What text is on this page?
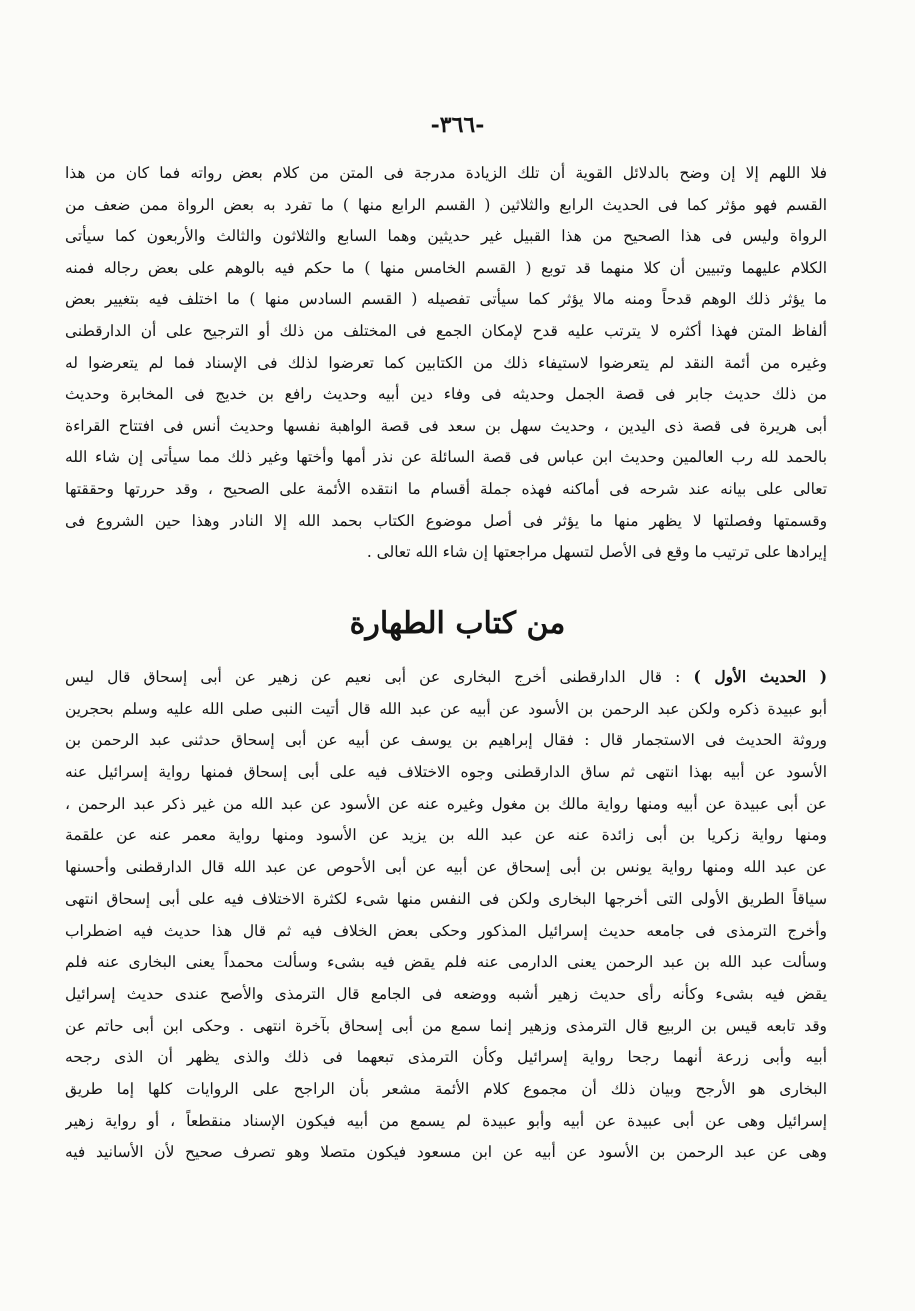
-٣٦٦-
فلا اللهم إلا إن وضح بالدلائل القوية أن تلك الزيادة مدرجة فى المتن من كلام بعض رواته فما كان من هذا
القسم فهو مؤثر كما فى الحديث الرابع والثلاثين ( القسم الرابع منها ) ما تفرد به بعض الرواة ممن ضعف من
الرواة وليس فى هذا الصحيح من هذا القبيل غير حديثين وهما السابع والثلاثون والثالث والأربعون كما سيأتى
الكلام عليهما وتبيين أن كلا منهما قد توبع ( القسم الخامس منها ) ما حكم فيه بالوهم على بعض رجاله فمنه
ما يؤثر ذلك الوهم قدحاً ومنه مالا يؤثر كما سيأتى تفصيله ( القسم السادس منها ) ما اختلف فيه بتغيير بعض
ألفاظ المتن فهذا أكثره لا يترتب عليه قدح لإمكان الجمع فى المختلف من ذلك أو الترجيح على أن الدارقطنى
وغيره من أئمة النقد لم يتعرضوا لاستيفاء ذلك من الكتابين كما تعرضوا لذلك فى الإسناد فما لم يتعرضوا له
من ذلك حديث جابر فى قصة الجمل وحديثه فى وفاء دين أبيه وحديث رافع بن خديج فى المخابرة وحديث
أبى هريرة فى قصة ذى اليدين ، وحديث سهل بن سعد فى قصة الواهبة نفسها وحديث أنس فى افتتاح القراءة
بالحمد لله رب العالمين وحديث ابن عباس فى قصة السائلة عن نذر أمها وأختها وغير ذلك مما سيأتى إن شاء الله
تعالى على بيانه عند شرحه فى أماكنه فهذه جملة أقسام ما انتقده الأئمة على الصحيح ، وقد حررتها وحققتها
وقسمتها وفصلتها لا يظهر منها ما يؤثر فى أصل موضوع الكتاب بحمد الله إلا النادر وهذا حين الشروع فى
إيرادها على ترتيب ما وقع فى الأصل لتسهل مراجعتها إن شاء الله تعالى .
من كتاب الطهارة
( الحديث الأول ) : قال الدارقطنى أخرج البخارى عن أبى نعيم عن زهير عن أبى إسحاق قال ليس
أبو عبيدة ذكره ولكن عبد الرحمن بن الأسود عن أبيه عن عبد الله قال أتيت النبى صلى الله عليه وسلم بحجرين
وروثة الحديث فى الاستجمار قال : فقال إبراهيم بن يوسف عن أبيه عن أبى إسحاق حدثنى عبد الرحمن بن
الأسود عن أبيه بهذا انتهى ثم ساق الدارقطنى وجوه الاختلاف فيه على أبى إسحاق فمنها رواية إسرائيل عنه
عن أبى عبيدة عن أبيه ومنها رواية مالك بن مغول وغيره عنه عن الأسود عن عبد الله من غير ذكر عبد الرحمن ،
ومنها رواية زكريا بن أبى زائدة عنه عن عبد الله بن يزيد عن الأسود ومنها رواية معمر عنه عن علقمة
عن عبد الله ومنها رواية يونس بن أبى إسحاق عن أبيه عن أبى الأحوص عن عبد الله قال الدارقطنى وأحسنها
سياقاً الطريق الأولى التى أخرجها البخارى ولكن فى النفس منها شىء لكثرة الاختلاف فيه على أبى إسحاق انتهى
وأخرج الترمذى فى جامعه حديث إسرائيل المذكور وحكى بعض الخلاف فيه ثم قال هذا حديث فيه اضطراب
وسألت عبد الله بن عبد الرحمن يعنى الدارمى عنه فلم يقض فيه بشىء وسألت محمداً يعنى البخارى عنه فلم
يقض فيه بشىء وكأنه رأى حديث زهير أشبه ووضعه فى الجامع قال الترمذى والأصح عندى حديث إسرائيل
وقد تابعه قيس بن الربيع قال الترمذى وزهير إنما سمع من أبى إسحاق بآخرة انتهى . وحكى ابن أبى حاتم عن
أبيه وأبى زرعة أنهما رجحا رواية إسرائيل وكأن الترمذى تبعهما فى ذلك والذى يظهر أن الذى رجحه
البخارى هو الأرجح وبيان ذلك أن مجموع كلام الأئمة مشعر بأن الراجح على الروايات كلها إما طريق
إسرائيل وهى عن أبى عبيدة عن أبيه وأبو عبيدة لم يسمع من أبيه فيكون الإسناد منقطعاً ، أو رواية زهير
وهى عن عبد الرحمن بن الأسود عن أبيه عن ابن مسعود فيكون متصلا وهو تصرف صحيح لأن الأسانيد فيه
